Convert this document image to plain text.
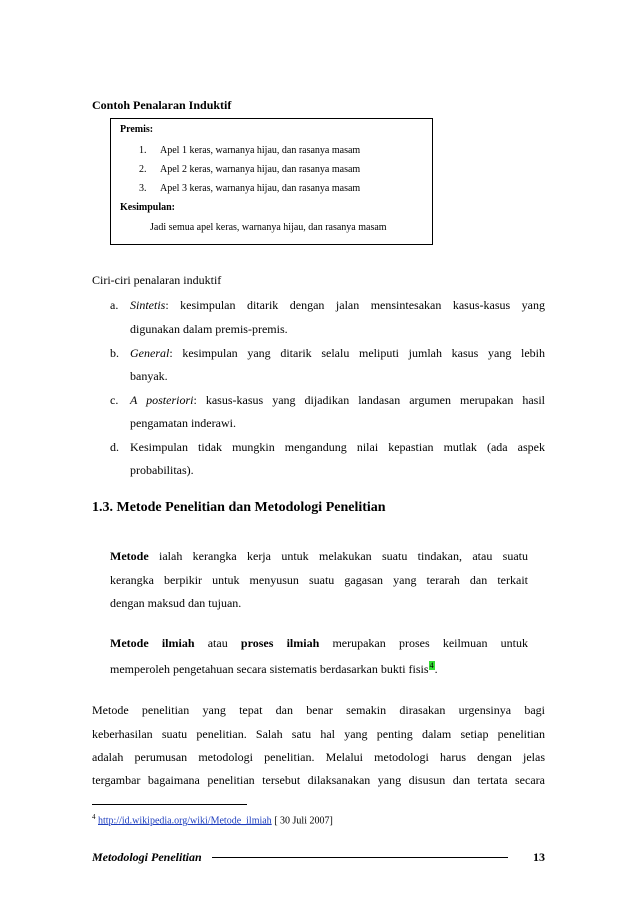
Contoh Penalaran Induktif
Premis:
1. Apel 1 keras, warnanya hijau, dan rasanya masam
2. Apel 2 keras, warnanya hijau, dan rasanya masam
3. Apel 3 keras, warnanya hijau, dan rasanya masam
Kesimpulan:
Jadi semua apel keras, warnanya hijau, dan rasanya masam
Ciri-ciri penalaran induktif
a. Sintetis: kesimpulan ditarik dengan jalan mensintesakan kasus-kasus yang
digunakan dalam premis-premis.
b. General: kesimpulan yang ditarik selalu meliputi jumlah kasus yang lebih
banyak.
c. A posteriori: kasus-kasus yang dijadikan landasan argumen merupakan hasil
pengamatan inderawi.
d. Kesimpulan tidak mungkin mengandung nilai kepastian mutlak (ada aspek
probabilitas).
1.3. Metode Penelitian dan Metodologi Penelitian
Metode ialah kerangka kerja untuk melakukan suatu tindakan, atau suatu
kerangka berpikir untuk menyusun suatu gagasan yang terarah dan terkait
dengan maksud dan tujuan.
Metode ilmiah atau proses ilmiah merupakan proses keilmuan untuk
memperoleh pengetahuan secara sistematis berdasarkan bukti fisis$^4$.
Metode penelitian yang tepat dan benar semakin dirasakan urgensinya bagi
keberhasilan suatu penelitian. Salah satu hal yang penting dalam setiap penelitian
adalah perumusan metodologi penelitian. Melalui metodologi harus dengan jelas
tergambar bagaimana penelitian tersebut dilaksanakan yang disusun dan tertata secara
$^4$ http://id.wikipedia.org/wiki/Metode_ilmiah [ 30 Juli 2007]
Metodologi Penelitian	13
